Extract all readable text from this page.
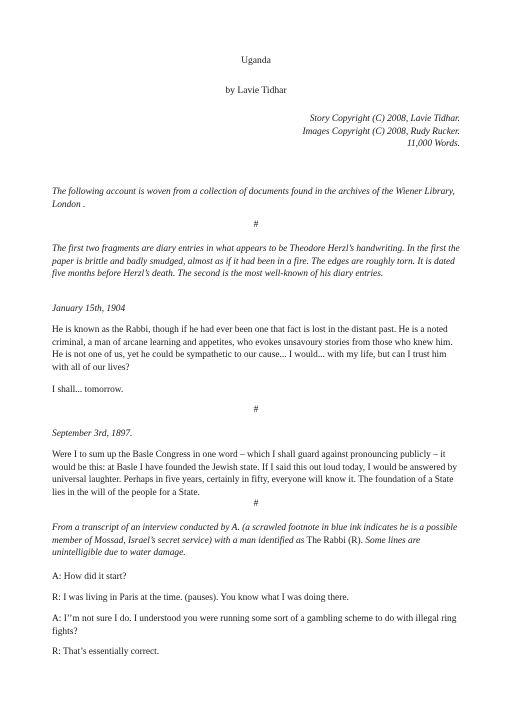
Uganda
by Lavie Tidhar
Story Copyright (C) 2008, Lavie Tidhar.
Images Copyright (C) 2008, Rudy Rucker.
11,000 Words.
The following account is woven from a collection of documents found in the archives of the Wiener Library, London .
#
The first two fragments are diary entries in what appears to be Theodore Herzl’s handwriting. In the first the paper is brittle and badly smudged, almost as if it had been in a fire. The edges are roughly torn. It is dated five months before Herzl’s death. The second is the most well-known of his diary entries.
January 15th, 1904
He is known as the Rabbi, though if he had ever been one that fact is lost in the distant past. He is a noted criminal, a man of arcane learning and appetites, who evokes unsavoury stories from those who knew him. He is not one of us, yet he could be sympathetic to our cause... I would... with my life, but can I trust him with all of our lives?
I shall... tomorrow.
#
September 3rd, 1897.
Were I to sum up the Basle Congress in one word – which I shall guard against pronouncing publicly – it would be this: at Basle I have founded the Jewish state. If I said this out loud today, I would be answered by universal laughter. Perhaps in five years, certainly in fifty, everyone will know it. The foundation of a State lies in the will of the people for a State.
#
From a transcript of an interview conducted by A. (a scrawled footnote in blue ink indicates he is a possible member of Mossad, Israel’s secret service) with a man identified as The Rabbi (R). Some lines are unintelligible due to water damage.
A: How did it start?
R: I was living in Paris at the time. (pauses). You know what I was doing there.
A: I’’m not sure I do. I understood you were running some sort of a gambling scheme to do with illegal ring fights?
R: That’s essentially correct.
